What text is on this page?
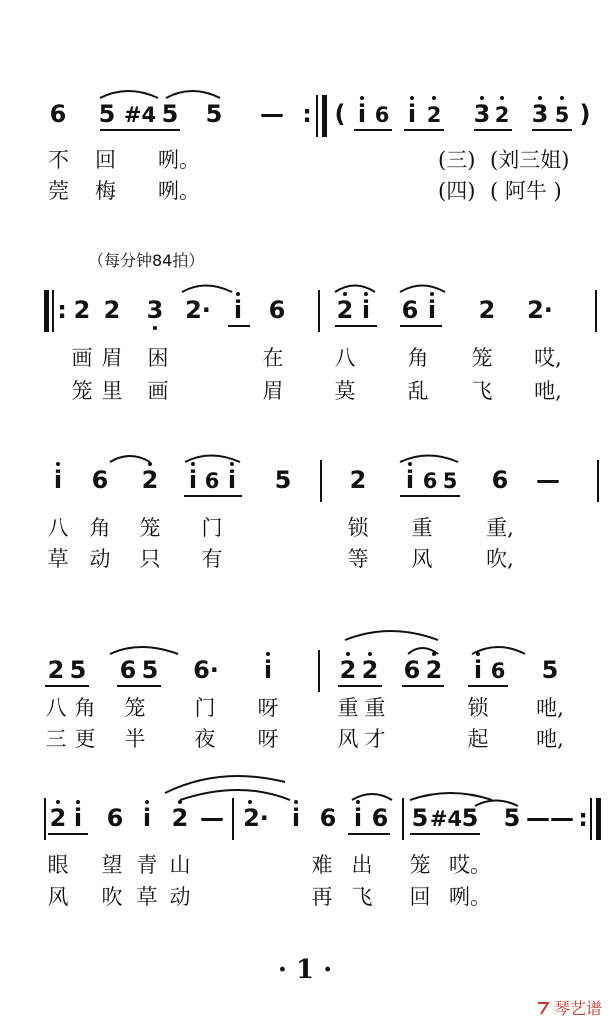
6 5 #4 5 5 — : ( i 6 i 2 3 2 3 5 )
不 回 咧。	(三) (刘三姐)
莞 梅 咧。	(四) ( 阿牛 )
（每分钟84拍）
: 2 2 3 2· i 6 2 i 6 i 2 2·
画 眉 困	在 八 角 笼 哎,
笼 里 画	眉 莫 乱 飞 吔,
i 6 2 i 6 i 5 2 i 6 5 6 —
八 角 笼 门	锁 重	重,
草 动 只 有	等 风	吹,
2 5 6 5 6· i	2 2 6 2 i 6 5
八 角 笼 门 呀	重 重	锁 吔,
三 更 半 夜 呀	风 才	起 吔,
2 i 6 i 2 — 2· i 6 i 6 5 #4 5 5 — — :
眼 望 青 山	难 出 笼 哎。
风 吹 草 动	再 飞 回 咧。
· 1 ·
琴艺谱
